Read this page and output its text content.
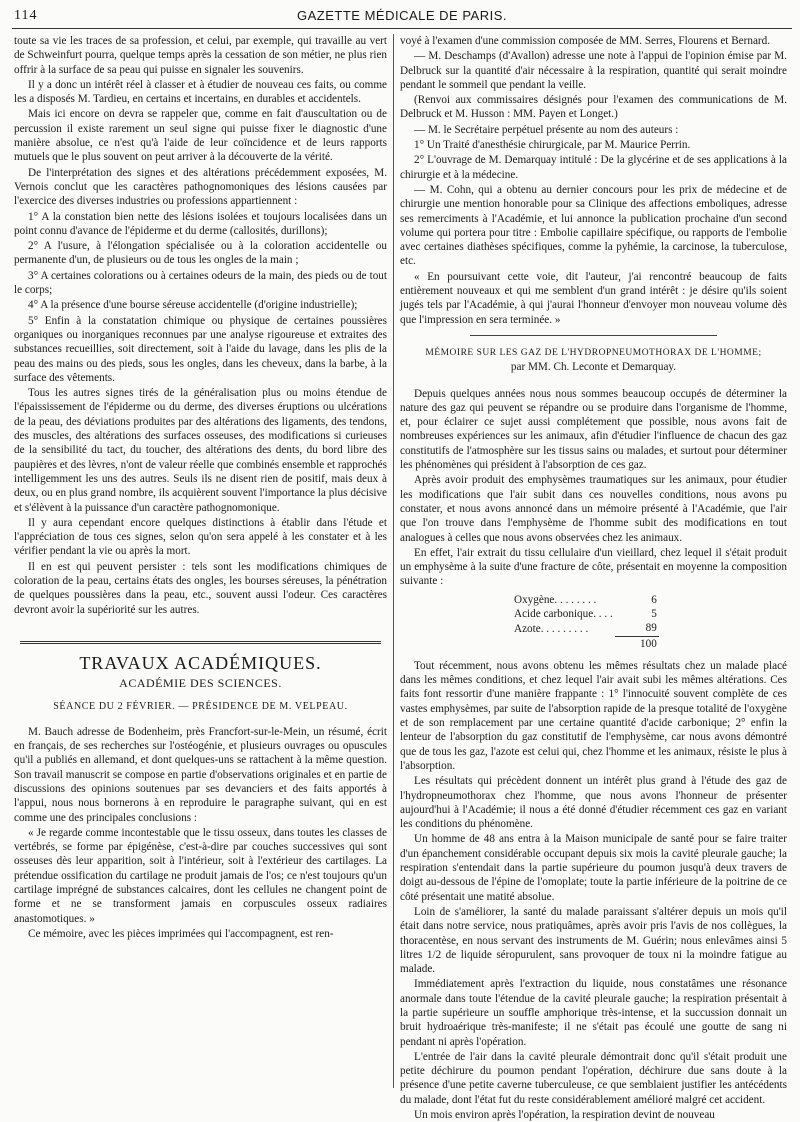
114	GAZETTE MÉDICALE DE PARIS.

toute sa vie les traces de sa profession, et celui, par exemple, qui travaille au vert de Schweinfurt pourra, quelque temps après la cessation de son métier, ne plus rien offrir à la surface de sa peau qui puisse en signaler les souvenirs.

Il y a donc un intérêt réel à classer et à étudier de nouveau ces faits, ou comme les a disposés M. Tardieu, en certains et incertains, en durables et accidentels.

Mais ici encore on devra se rappeler que, comme en fait d'auscultation ou de percussion il existe rarement un seul signe qui puisse fixer le diagnostic d'une manière absolue, ce n'est qu'à l'aide de leur coïncidence et de leurs rapports mutuels que le plus souvent on peut arriver à la découverte de la vérité.

De l'interprétation des signes et des altérations précédemment exposées, M. Vernois conclut que les caractères pathognomoniques des lésions causées par l'exercice des diverses industries ou professions appartiennent :

1° A la constation bien nette des lésions isolées et toujours localisées dans un point connu d'avance de l'épiderme et du derme (callosités, durillons);

2° A l'usure, à l'élongation spécialisée ou à la coloration accidentelle ou permanente d'un, de plusieurs ou de tous les ongles de la main ;

3° A certaines colorations ou à certaines odeurs de la main, des pieds ou de tout le corps;

4° A la présence d'une bourse séreuse accidentelle (d'origine industrielle);

5° Enfin à la constatation chimique ou physique de certaines poussières organiques ou inorganiques reconnues par une analyse rigoureuse et extraites des substances recueillies, soit directement, soit à l'aide du lavage, dans les plis de la peau des mains ou des pieds, sous les ongles, dans les cheveux, dans la barbe, à la surface des vêtements.

Tous les autres signes tirés de la généralisation plus ou moins étendue de l'épaississement de l'épiderme ou du derme, des diverses éruptions ou ulcérations de la peau, des déviations produites par des altérations des ligaments, des tendons, des muscles, des altérations des surfaces osseuses, des modifications si curieuses de la sensibilité du tact, du toucher, des altérations des dents, du bord libre des paupières et des lèvres, n'ont de valeur réelle que combinés ensemble et rapprochés intelligemment les uns des autres. Seuls ils ne disent rien de positif, mais deux à deux, ou en plus grand nombre, ils acquièrent souvent l'importance la plus décisive et s'élèvent à la puissance d'un caractère pathognomonique.

Il y aura cependant encore quelques distinctions à établir dans l'étude et l'appréciation de tous ces signes, selon qu'on sera appelé à les constater et à les vérifier pendant la vie ou après la mort.

Il en est qui peuvent persister : tels sont les modifications chimiques de coloration de la peau, certains états des ongles, les bourses séreuses, la pénétration de quelques poussières dans la peau, etc., souvent aussi l'odeur. Ces caractères devront avoir la supériorité sur les autres.

TRAVAUX ACADÉMIQUES.
ACADÉMIE DES SCIENCES.
SÉANCE DU 2 FÉVRIER. — PRÉSIDENCE DE M. VELPEAU.

M. Bauch adresse de Bodenheim, près Francfort-sur-le-Mein, un résumé, écrit en français, de ses recherches sur l'ostéogénie, et plusieurs ouvrages ou opuscules qu'il a publiés en allemand, et dont quelques-uns se rattachent à la même question. Son travail manuscrit se compose en partie d'observations originales et en partie de discussions des opinions soutenues par ses devanciers et des faits apportés à l'appui, nous nous bornerons à en reproduire le paragraphe suivant, qui en est comme une des principales conclusions :

« Je regarde comme incontestable que le tissu osseux, dans toutes les classes de vertébrés, se forme par épigénèse, c'est-à-dire par couches successives qui sont osseuses dès leur apparition, soit à l'intérieur, soit à l'extérieur des cartilages. La prétendue ossification du cartilage ne produit jamais de l'os; ce n'est toujours qu'un cartilage imprégné de substances calcaires, dont les cellules ne changent point de forme et ne se transforment jamais en corpuscules osseux radiaires anastomotiques. »

Ce mémoire, avec les pièces imprimées qui l'accompagnent, est ren-

voyé à l'examen d'une commission composée de MM. Serres, Flourens et Bernard.

— M. Deschamps (d'Avallon) adresse une note à l'appui de l'opinion émise par M. Delbruck sur la quantité d'air nécessaire à la respiration, quantité qui serait moindre pendant le sommeil que pendant la veille.

(Renvoi aux commissaires désignés pour l'examen des communications de M. Delbruck et M. Husson : MM. Payen et Longet.)

— M. le Secrétaire perpétuel présente au nom des auteurs :

1° Un Traité d'anesthésie chirurgicale, par M. Maurice Perrin.

2° L'ouvrage de M. Demarquay intitulé : De la glycérine et de ses applications à la chirurgie et à la médecine.

— M. Cohn, qui a obtenu au dernier concours pour les prix de médecine et de chirurgie une mention honorable pour sa Clinique des affections emboliques, adresse ses remerciments à l'Académie, et lui annonce la publication prochaine d'un second volume qui portera pour titre : Embolie capillaire spécifique, ou rapports de l'embolie avec certaines diathèses spécifiques, comme la pyhémie, la carcinose, la tuberculose, etc.

« En poursuivant cette voie, dit l'auteur, j'ai rencontré beaucoup de faits entièrement nouveaux et qui me semblent d'un grand intérêt : je désire qu'ils soient jugés tels par l'Académie, à qui j'aurai l'honneur d'envoyer mon nouveau volume dès que l'impression en sera terminée. »

MÉMOIRE SUR LES GAZ DE L'HYDROPNEUMOTHORAX DE L'HOMME;
par MM. Ch. Leconte et Demarquay.

Depuis quelques années nous nous sommes beaucoup occupés de déterminer la nature des gaz qui peuvent se répandre ou se produire dans l'organisme de l'homme, et, pour éclairer ce sujet aussi complétement que possible, nous avons fait de nombreuses expériences sur les animaux, afin d'étudier l'influence de chacun des gaz constitutifs de l'atmosphère sur les tissus sains ou malades, et surtout pour déterminer les phénomènes qui président à l'absorption de ces gaz.

Après avoir produit des emphysèmes traumatiques sur les animaux, pour étudier les modifications que l'air subit dans ces nouvelles conditions, nous avons pu constater, et nous avons annoncé dans un mémoire présenté à l'Académie, que l'air que l'on trouve dans l'emphysème de l'homme subit des modifications en tout analogues à celles que nous avons observées chez les animaux.

En effet, l'air extrait du tissu cellulaire d'un vieillard, chez lequel il s'était produit un emphysème à la suite d'une fracture de côte, présentait en moyenne la composition suivante :

Oxygène. . . . . . . .	6
Acide carbonique. . . .	5
Azote. . . . . . . . .	89
	100

Tout récemment, nous avons obtenu les mêmes résultats chez un malade placé dans les mêmes conditions, et chez lequel l'air avait subi les mêmes altérations. Ces faits font ressortir d'une manière frappante : 1° l'innocuité souvent complète de ces vastes emphysèmes, par suite de l'absorption rapide de la presque totalité de l'oxygène et de son remplacement par une certaine quantité d'acide carbonique; 2° enfin la lenteur de l'absorption du gaz constitutif de l'emphysème, car nous avons démontré que de tous les gaz, l'azote est celui qui, chez l'homme et les animaux, résiste le plus à l'absorption.

Les résultats qui précèdent donnent un intérêt plus grand à l'étude des gaz de l'hydropneumothorax chez l'homme, que nous avons l'honneur de présenter aujourd'hui à l'Académie; il nous a été donné d'étudier récemment ces gaz en variant les conditions du phénomène.

Un homme de 48 ans entra à la Maison municipale de santé pour se faire traiter d'un épanchement considérable occupant depuis six mois la cavité pleurale gauche; la respiration s'entendait dans la partie supérieure du poumon jusqu'à deux travers de doigt au-dessous de l'épine de l'omoplate; toute la partie inférieure de la poitrine de ce côté présentait une matité absolue.

Loin de s'améliorer, la santé du malade paraissant s'altérer depuis un mois qu'il était dans notre service, nous pratiquâmes, après avoir pris l'avis de nos collègues, la thoracentèse, en nous servant des instruments de M. Guérin; nous enlevâmes ainsi 5 litres 1/2 de liquide séropurulent, sans provoquer de toux ni la moindre fatigue au malade.

Immédiatement après l'extraction du liquide, nous constatâmes une résonance anormale dans toute l'étendue de la cavité pleurale gauche; la respiration présentait à la partie supérieure un souffle amphorique très-intense, et la succussion donnait un bruit hydroaérique très-manifeste; il ne s'était pas écoulé une goutte de sang ni pendant ni après l'opération.

L'entrée de l'air dans la cavité pleurale démontrait donc qu'il s'était produit une petite déchirure du poumon pendant l'opération, déchirure due sans doute à la présence d'une petite caverne tuberculeuse, ce que semblaient justifier les antécédents du malade, dont l'état fut du reste considérablement amélioré malgré cet accident.

Un mois environ après l'opération, la respiration devint de nouveau
